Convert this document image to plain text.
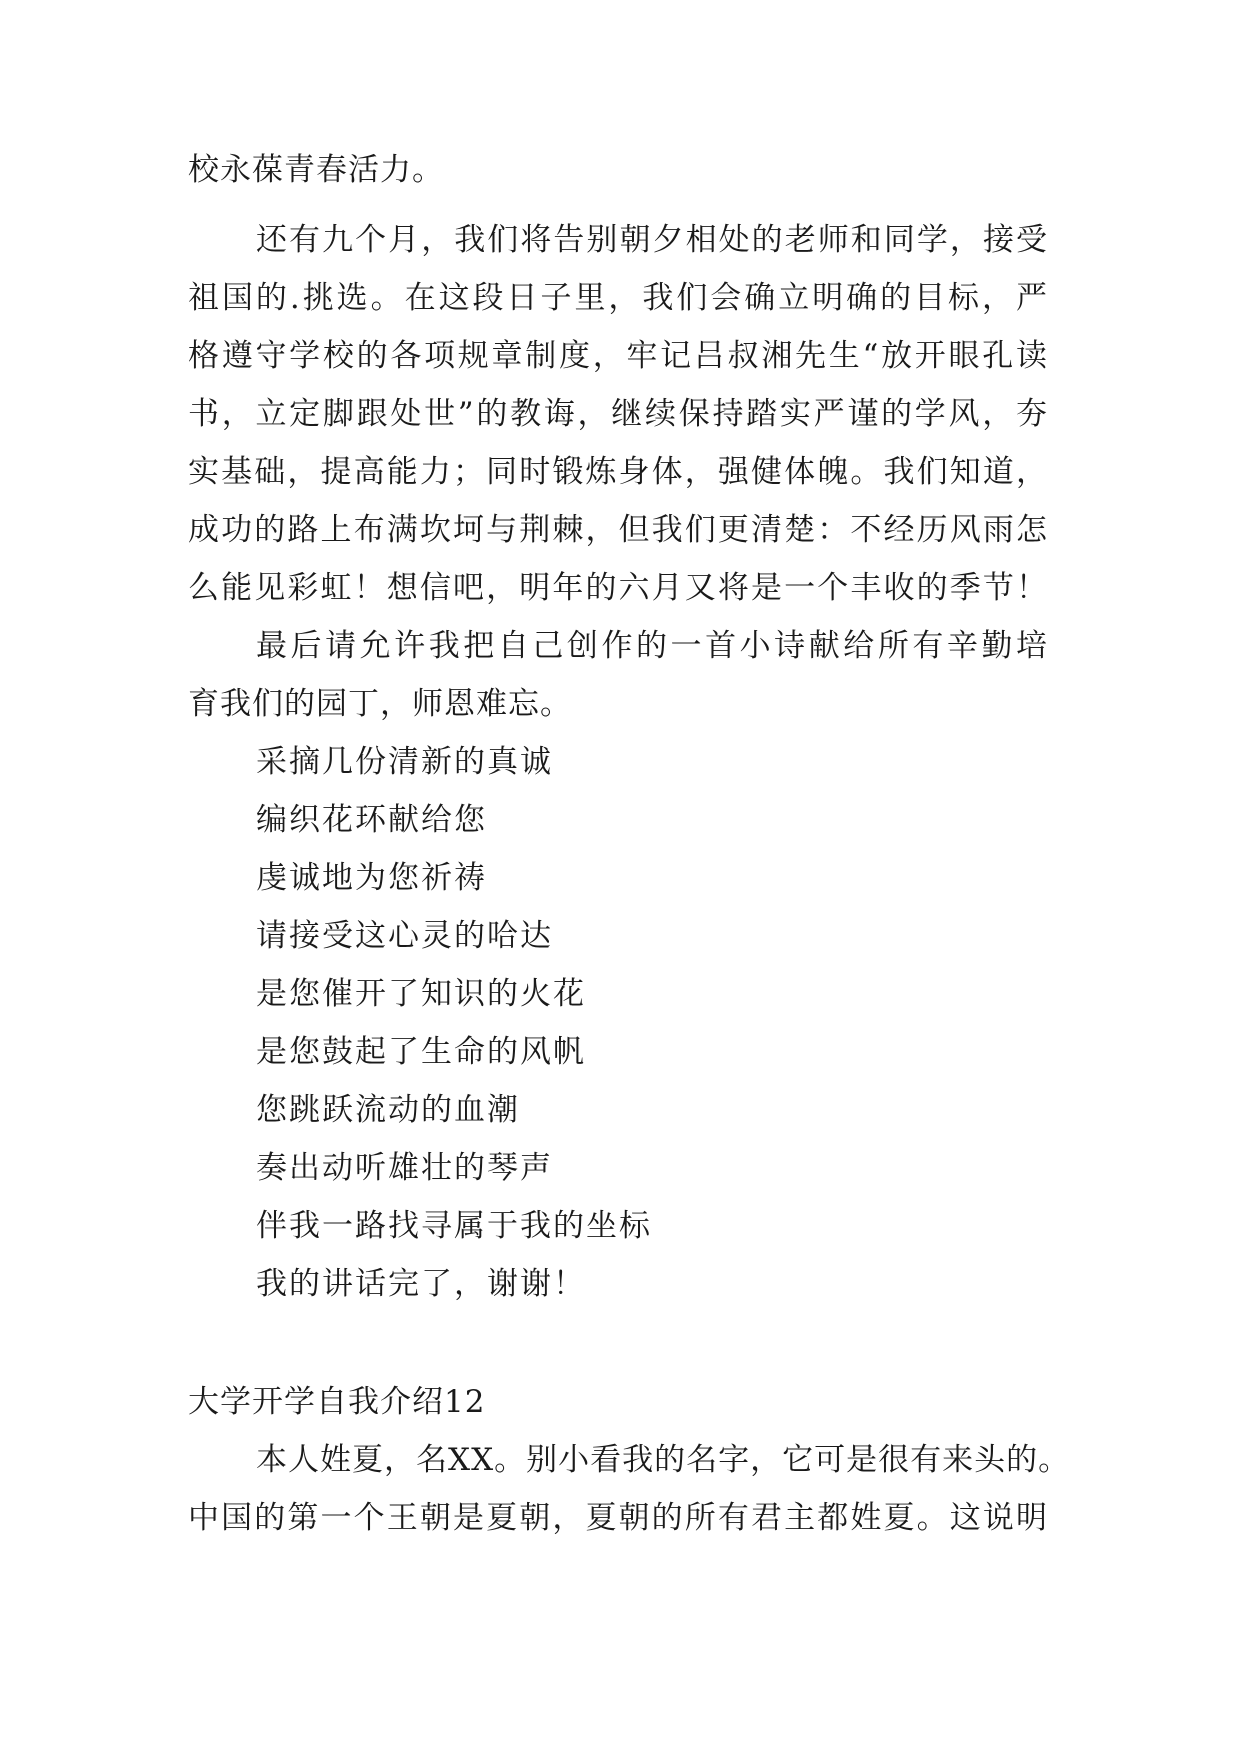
校永葆青春活力。
还有九个月，我们将告别朝夕相处的老师和同学，接受
祖国的.挑选。在这段日子里，我们会确立明确的目标，严
格遵守学校的各项规章制度，牢记吕叔湘先生“放开眼孔读
书，立定脚跟处世”的教诲，继续保持踏实严谨的学风，夯
实基础，提高能力；同时锻炼身体，强健体魄。我们知道，
成功的路上布满坎坷与荆棘，但我们更清楚：不经历风雨怎
么能见彩虹！想信吧，明年的六月又将是一个丰收的季节！
最后请允许我把自己创作的一首小诗献给所有辛勤培
育我们的园丁，师恩难忘。
采摘几份清新的真诚
编织花环献给您
虔诚地为您祈祷
请接受这心灵的哈达
是您催开了知识的火花
是您鼓起了生命的风帆
您跳跃流动的血潮
奏出动听雄壮的琴声
伴我一路找寻属于我的坐标
我的讲话完了，谢谢！
大学开学自我介绍12
本人姓夏，名XX。别小看我的名字，它可是很有来头的。
中国的第一个王朝是夏朝，夏朝的所有君主都姓夏。这说明
